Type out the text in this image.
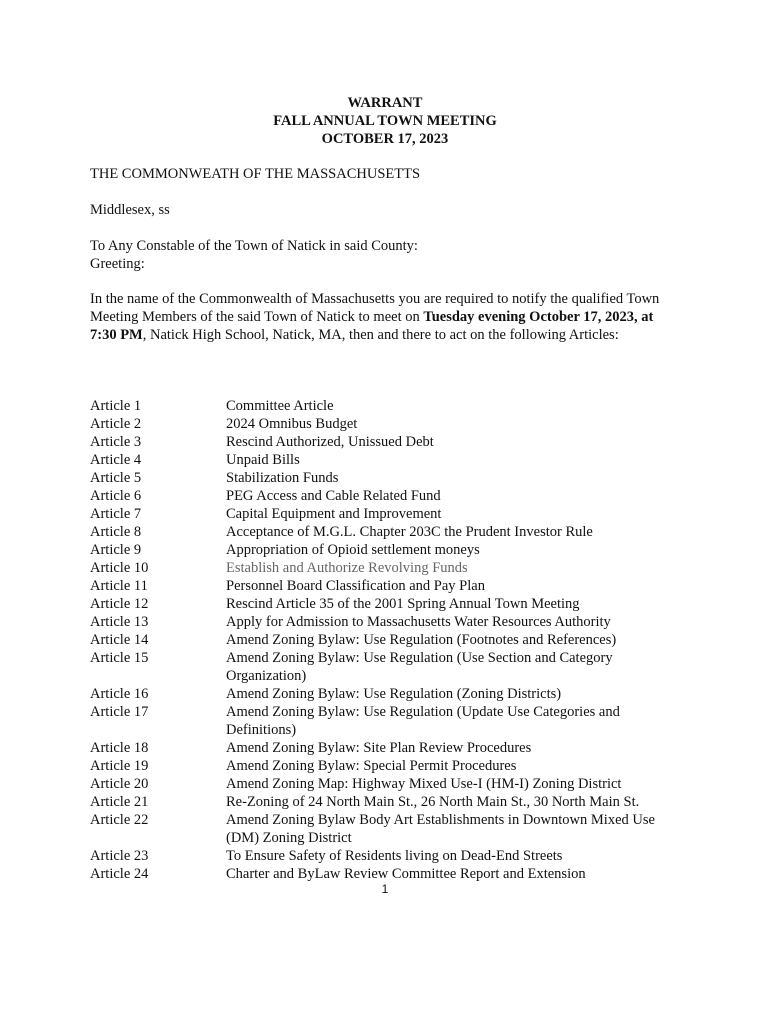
WARRANT
FALL ANNUAL TOWN MEETING
OCTOBER 17, 2023
THE COMMONWEATH OF THE MASSACHUSETTS
Middlesex, ss
To Any Constable of the Town of Natick in said County:
Greeting:
In the name of the Commonwealth of Massachusetts you are required to notify the qualified Town Meeting Members of the said Town of Natick to meet on Tuesday evening October 17, 2023, at 7:30 PM, Natick High School, Natick, MA, then and there to act on the following Articles:
Article 1	Committee Article
Article 2	2024 Omnibus Budget
Article 3	Rescind Authorized, Unissued Debt
Article 4	Unpaid Bills
Article 5	Stabilization Funds
Article 6	PEG Access and Cable Related Fund
Article 7	Capital Equipment and Improvement
Article 8	Acceptance of M.G.L. Chapter 203C the Prudent Investor Rule
Article 9	Appropriation of Opioid settlement moneys
Article 10	Establish and Authorize Revolving Funds
Article 11	Personnel Board Classification and Pay Plan
Article 12	Rescind Article 35 of the 2001 Spring Annual Town Meeting
Article 13	Apply for Admission to Massachusetts Water Resources Authority
Article 14	Amend Zoning Bylaw: Use Regulation (Footnotes and References)
Article 15	Amend Zoning Bylaw: Use Regulation (Use Section and Category Organization)
Article 16	Amend Zoning Bylaw: Use Regulation (Zoning Districts)
Article 17	Amend Zoning Bylaw: Use Regulation (Update Use Categories and Definitions)
Article 18	Amend Zoning Bylaw: Site Plan Review Procedures
Article 19	Amend Zoning Bylaw: Special Permit Procedures
Article 20	Amend Zoning Map: Highway Mixed Use-I (HM-I) Zoning District
Article 21	Re-Zoning of 24 North Main St., 26 North Main St., 30 North Main St.
Article 22	Amend Zoning Bylaw Body Art Establishments in Downtown Mixed Use (DM) Zoning District
Article 23	To Ensure Safety of Residents living on Dead-End Streets
Article 24	Charter and ByLaw Review Committee Report and Extension
1
